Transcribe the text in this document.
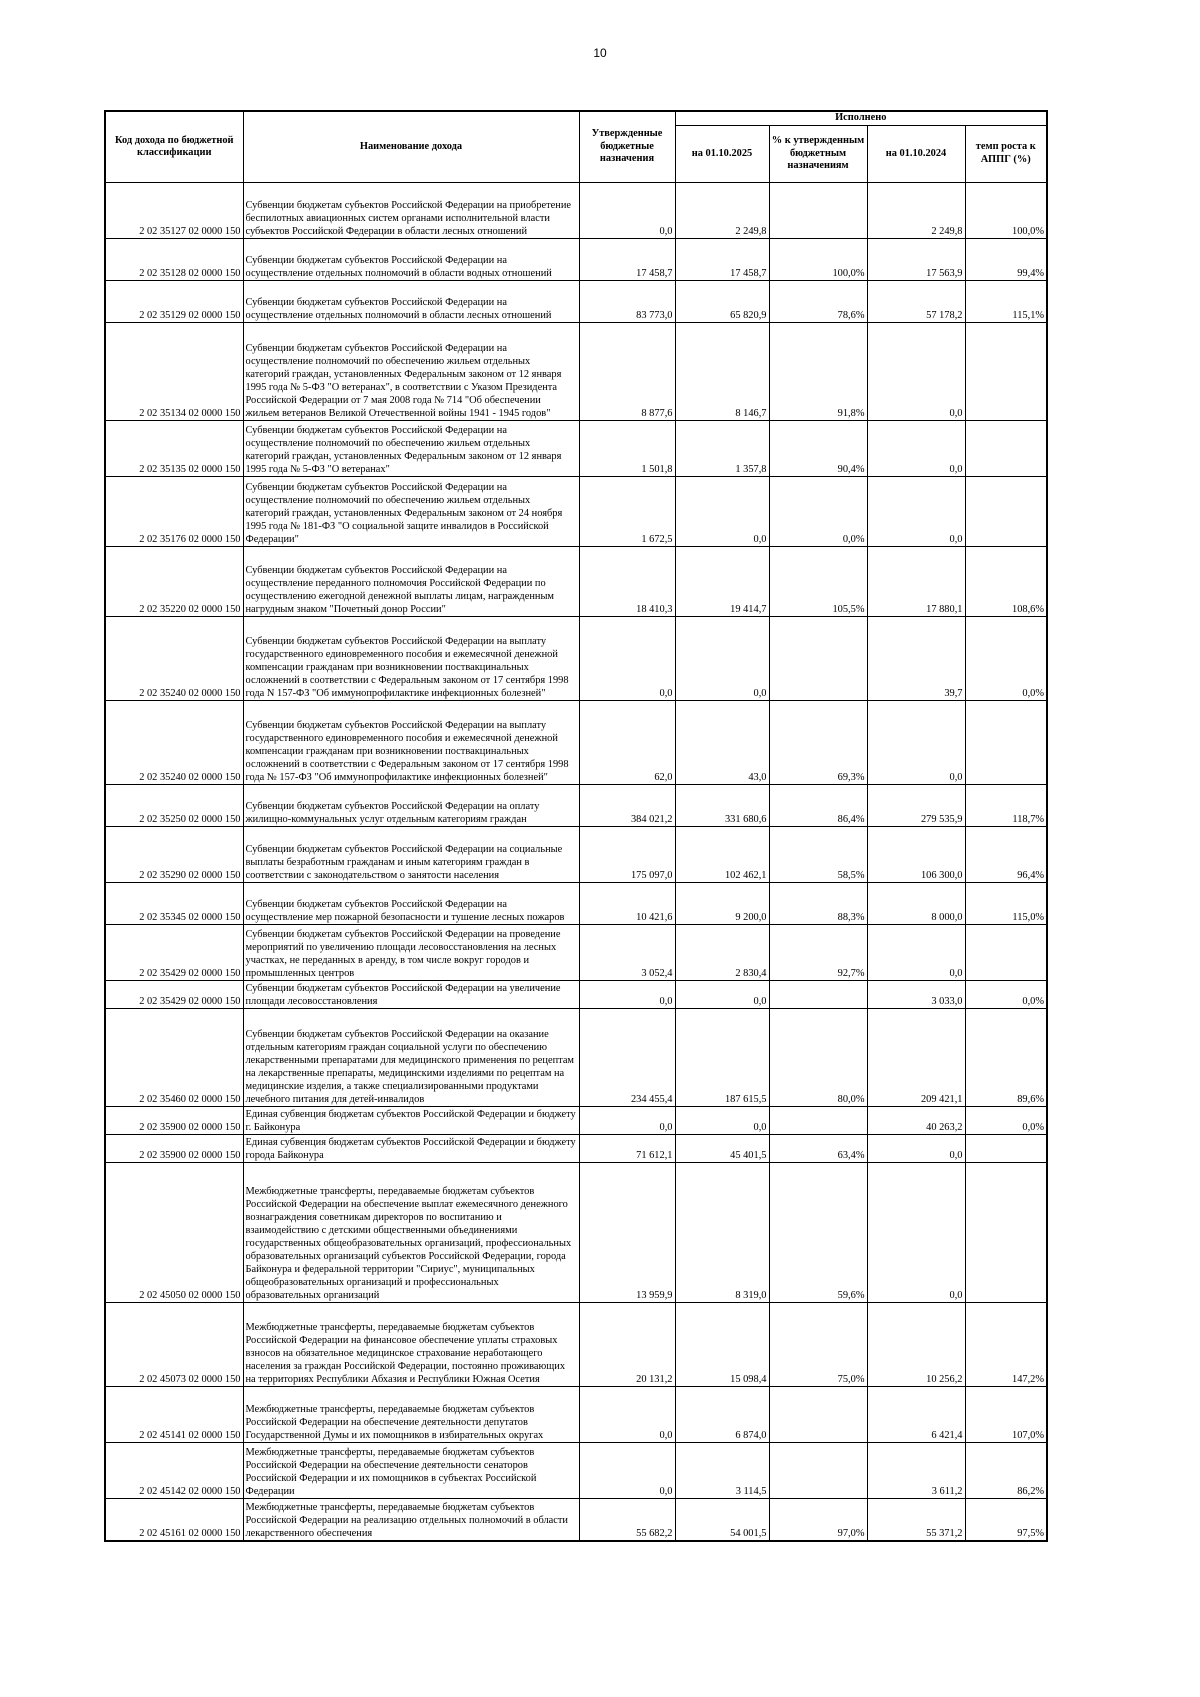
10
Код дохода по бюджетной классификации	Наименование дохода	Утвержденные бюджетные назначения	Исполнено			
			на 01.10.2025	% к утвержденным бюджетным назначениям	на 01.10.2024	темп роста к АППГ (%)
2 02 35127 02 0000 150	Субвенции бюджетам субъектов Российской Федерации на приобретение беспилотных авиационных систем органами исполнительной власти субъектов Российской Федерации в области лесных отношений	0,0	2 249,8		2 249,8	100,0%
2 02 35128 02 0000 150	Субвенции бюджетам субъектов Российской Федерации на осуществление отдельных полномочий в области водных отношений	17 458,7	17 458,7	100,0%	17 563,9	99,4%
2 02 35129 02 0000 150	Субвенции бюджетам субъектов Российской Федерации на осуществление отдельных полномочий в области лесных отношений	83 773,0	65 820,9	78,6%	57 178,2	115,1%
2 02 35134 02 0000 150	Субвенции бюджетам субъектов Российской Федерации на осуществление полномочий по обеспечению жильем отдельных категорий граждан, установленных Федеральным законом от 12 января 1995 года № 5-ФЗ "О ветеранах", в соответствии с Указом Президента Российской Федерации от 7 мая 2008 года № 714 "Об обеспечении жильем ветеранов Великой Отечественной войны 1941 - 1945 годов"	8 877,6	8 146,7	91,8%	0,0	
2 02 35135 02 0000 150	Субвенции бюджетам субъектов Российской Федерации на осуществление полномочий по обеспечению жильем отдельных категорий граждан, установленных Федеральным законом от 12 января 1995 года № 5-ФЗ "О ветеранах"	1 501,8	1 357,8	90,4%	0,0	
2 02 35176 02 0000 150	Субвенции бюджетам субъектов Российской Федерации на осуществление полномочий по обеспечению жильем отдельных категорий граждан, установленных Федеральным законом от 24 ноября 1995 года № 181-ФЗ "О социальной защите инвалидов в Российской Федерации"	1 672,5	0,0	0,0%	0,0	
2 02 35220 02 0000 150	Субвенции бюджетам субъектов Российской Федерации на осуществление переданного полномочия Российской Федерации по осуществлению ежегодной денежной выплаты лицам, награжденным нагрудным знаком "Почетный донор России"	18 410,3	19 414,7	105,5%	17 880,1	108,6%
2 02 35240 02 0000 150	Субвенции бюджетам субъектов Российской Федерации на выплату государственного единовременного пособия и ежемесячной денежной компенсации гражданам при возникновении поствакцинальных осложнений в соответствии с Федеральным законом от 17 сентября 1998 года N 157-ФЗ "Об иммунопрофилактике инфекционных болезней"	0,0	0,0		39,7	0,0%
2 02 35240 02 0000 150	Субвенции бюджетам субъектов Российской Федерации на выплату государственного единовременного пособия и ежемесячной денежной компенсации гражданам при возникновении поствакцинальных осложнений в соответствии с Федеральным законом от 17 сентября 1998 года № 157-ФЗ "Об иммунопрофилактике инфекционных болезней"	62,0	43,0	69,3%	0,0	
2 02 35250 02 0000 150	Субвенции бюджетам субъектов Российской Федерации на оплату жилищно-коммунальных услуг отдельным категориям граждан	384 021,2	331 680,6	86,4%	279 535,9	118,7%
2 02 35290 02 0000 150	Субвенции бюджетам субъектов Российской Федерации на социальные выплаты безработным гражданам и иным категориям граждан в соответствии с законодательством о занятости населения	175 097,0	102 462,1	58,5%	106 300,0	96,4%
2 02 35345 02 0000 150	Субвенции бюджетам субъектов Российской Федерации на осуществление мер пожарной безопасности и тушение лесных пожаров	10 421,6	9 200,0	88,3%	8 000,0	115,0%
2 02 35429 02 0000 150	Субвенции бюджетам субъектов Российской Федерации на проведение мероприятий по увеличению площади лесовосстановления на лесных участках, не переданных в аренду, в том числе вокруг городов и промышленных центров	3 052,4	2 830,4	92,7%	0,0	
2 02 35429 02 0000 150	Субвенции бюджетам субъектов Российской Федерации на увеличение площади лесовосстановления	0,0	0,0		3 033,0	0,0%
2 02 35460 02 0000 150	Субвенции бюджетам субъектов Российской Федерации на оказание отдельным категориям граждан социальной услуги по обеспечению лекарственными препаратами для медицинского применения по рецептам на лекарственные препараты, медицинскими изделиями по рецептам на медицинские изделия, а также специализированными продуктами лечебного питания для детей-инвалидов	234 455,4	187 615,5	80,0%	209 421,1	89,6%
2 02 35900 02 0000 150	Единая субвенция бюджетам субъектов Российской Федерации и бюджету г. Байконура	0,0	0,0		40 263,2	0,0%
2 02 35900 02 0000 150	Единая субвенция бюджетам субъектов Российской Федерации и бюджету города Байконура	71 612,1	45 401,5	63,4%	0,0	
2 02 45050 02 0000 150	Межбюджетные трансферты, передаваемые бюджетам субъектов Российской Федерации на обеспечение выплат ежемесячного денежного вознаграждения советникам директоров по воспитанию и взаимодействию с детскими общественными объединениями государственных общеобразовательных организаций, профессиональных образовательных организаций субъектов Российской Федерации, города Байконура и федеральной территории "Сириус", муниципальных общеобразовательных организаций и профессиональных образовательных организаций	13 959,9	8 319,0	59,6%	0,0	
2 02 45073 02 0000 150	Межбюджетные трансферты, передаваемые бюджетам субъектов Российской Федерации на финансовое обеспечение уплаты страховых взносов на обязательное медицинское страхование неработающего населения за граждан Российской Федерации, постоянно проживающих на территориях Республики Абхазия и Республики Южная Осетия	20 131,2	15 098,4	75,0%	10 256,2	147,2%
2 02 45141 02 0000 150	Межбюджетные трансферты, передаваемые бюджетам субъектов Российской Федерации на обеспечение деятельности депутатов Государственной Думы и их помощников в избирательных округах	0,0	6 874,0		6 421,4	107,0%
2 02 45142 02 0000 150	Межбюджетные трансферты, передаваемые бюджетам субъектов Российской Федерации на обеспечение деятельности сенаторов Российской Федерации и их помощников в субъектах Российской Федерации	0,0	3 114,5		3 611,2	86,2%
2 02 45161 02 0000 150	Межбюджетные трансферты, передаваемые бюджетам субъектов Российской Федерации на реализацию отдельных полномочий в области лекарственного обеспечения	55 682,2	54 001,5	97,0%	55 371,2	97,5%
